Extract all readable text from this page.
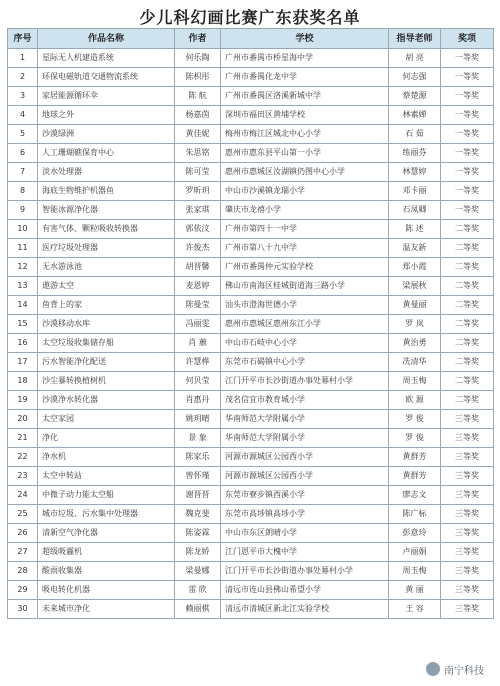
少儿科幻画比赛广东获奖名单
序号	作品名称	作者	学校	指导老师	奖项
1	星际无人机建造系统	何乐陶	广州市番禺市桥星海中学	胡 亮	一等奖
2	环保电磁轨道交通物流系统	陈枳彤	广州市番禺化龙中学	何志强	一等奖
3	家居能源循环伞	陈 航	广州市番禺区洛溪新城中学	蔡楚源	一等奖
4	地球之外	杨嘉茵	深圳市福田区黄埔学校	林素婵	一等奖
5	沙漠绿洲	黄佳妮	梅州市梅江区城北中心小学	石 茹	一等奖
6	人工珊瑚礁保育中心	朱思铭	惠州市惠东县平山第一小学	练丽芬	一等奖
7	淡水处理器	陈可莹	惠州市惠城区汝湖镇仍图中心小学	林慧婷	一等奖
8	海底生物维护机器鱼	罗昕玥	中山市沙溪镇龙瑞小学	邓卡丽	一等奖
9	智能冰源净化器	张家琪	肇庆市龙禧小学	石凤卿	一等奖
10	有害气体、颗粒吸收转换器	郭依汶	广州市第四十一中学	陈 述	二等奖
11	医疗垃圾处理器	许俊杰	广州市第八十九中学	温友新	二等奖
12	无水游泳池	胡晋馨	广州市番禺仲元实验学校	郑小霞	二等奖
13	遨游太空	麦恩婷	佛山市南海区桂城街道海三路小学	梁展秋	二等奖
14	鱼背上的家	陈曼莹	汕头市澄海世德小学	黄曼丽	二等奖
15	沙漠移动水库	冯丽雯	惠州市惠城区惠州东江小学	罗 岚	二等奖
16	太空垃圾收集储存船	肖 蕙	中山市石岐中心小学	黄治勇	二等奖
17	污水智能净化配送	许慧桦	东莞市石碣镇中心小学	冼清华	二等奖
18	沙尘暴转换植树机	何贝莹	江门开平市长沙街道办事处幕村小学	周玉梅	二等奖
19	沙漠净水转化器	肖惠丹	茂名信宜市教育城小学	欧 源	二等奖
20	太空家园	姚玥晴	华南师范大学附属小学	罗 俊	三等奖
21	净化	景 象	华南师范大学附属小学	罗 俊	三等奖
22	净水机	陈家乐	河源市源城区公园西小学	黄群芳	三等奖
23	太空中转站	曾怀瑾	河源市源城区公园西小学	黄群芳	三等奖
24	中微子动力能太空船	谢晋晋	东莞市寮步镇西溪小学	廖志文	三等奖
25	城市垃圾、污水集中处理器	魏克斐	东莞市高埗镇高埗小学	陈广标	三等奖
26	清新空气净化器	陈姿霖	中山市东区朗晴小学	彭意玲	三等奖
27	超级吸霾机	陈龙娇	江门恩平市大槐中学	卢丽娟	三等奖
28	酸雨收集器	梁曼娜	江门开平市长沙街道办事处幕村小学	周玉梅	三等奖
29	吸电转化机器	雷 欣	清远市连山县佛山希望小学	黄 丽	三等奖
30	未来城市净化	赖丽棋	清远市清城区新北江实验学校	王 容	三等奖
南宁科技
